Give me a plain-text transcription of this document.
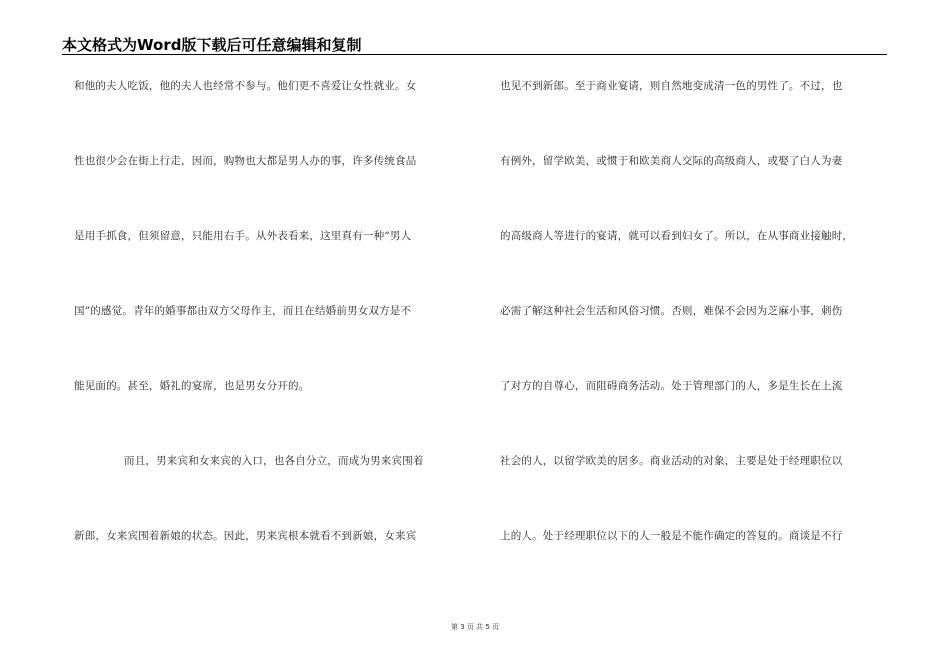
本文格式为Word版下载后可任意编辑和复制
和他的夫人吃饭，他的夫人也经常不参与。他们更不喜爱让女性就业。女
性也很少会在街上行走，因而，购物也大都是男人办的事，许多传统食品
是用手抓食，但须留意，只能用右手。从外表看来，这里真有一种“男人
国”的感觉。青年的婚事都由双方父母作主，而且在结婚前男女双方是不
能见面的。甚至，婚礼的宴席，也是男女分开的。
而且，男来宾和女来宾的入口，也各自分立，而成为男来宾围着
新郎，女来宾围着新娘的状态。因此，男来宾根本就看不到新娘，女来宾
也见不到新郎。至于商业宴请，则自然地变成清一色的男性了。不过，也
有例外，留学欧美，或惯于和欧美商人交际的高级商人，或娶了白人为妻
的高级商人等进行的宴请，就可以看到妇女了。所以，在从事商业接触时，
必需了解这种社会生活和风俗习惯。否则，难保不会因为芝麻小事，刺伤
了对方的自尊心，而阻碍商务活动。处于管理部门的人，多是生长在上流
社会的人，以留学欧美的居多。商业活动的对象，主要是处于经理职位以
上的人。处于经理职位以下的人一般是不能作确定的答复的。商谈是不行
第 3 页 共 5 页
